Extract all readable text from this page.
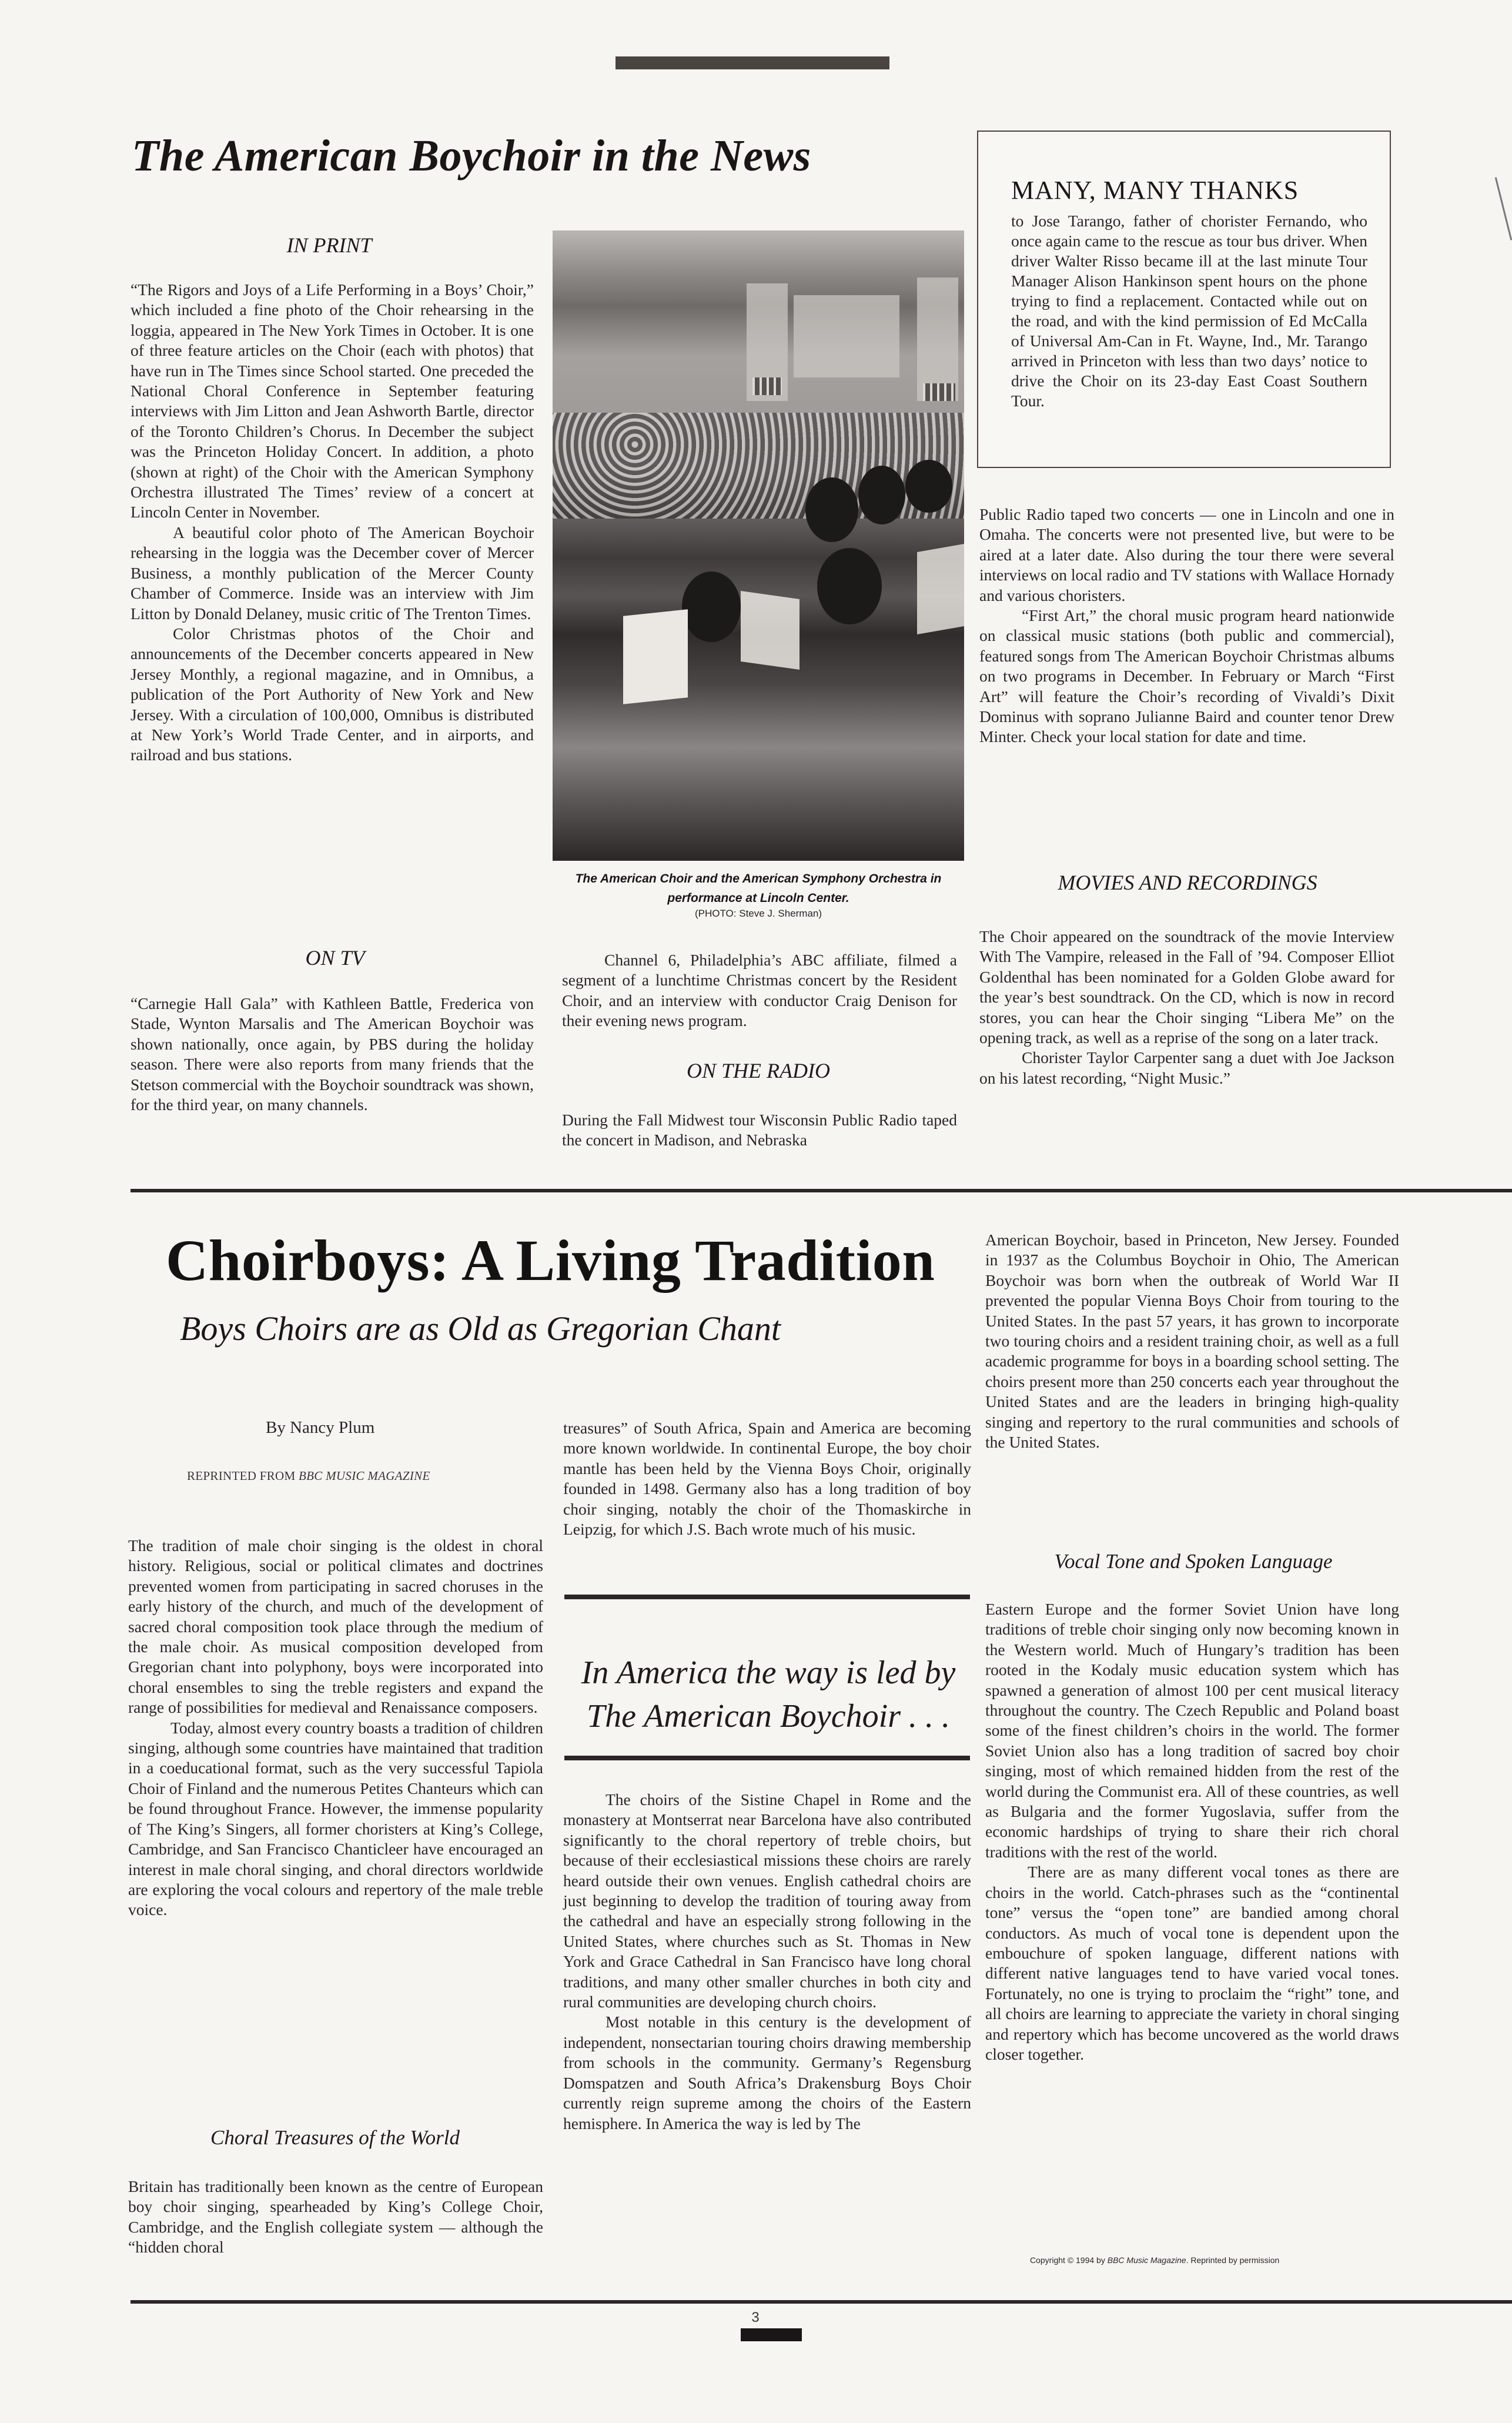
The American Boychoir in the News
IN PRINT

“The Rigors and Joys of a Life Performing in a Boys’ Choir,” which included a fine photo of the Choir rehearsing in the loggia, appeared in The New York Times in October. It is one of three feature articles on the Choir (each with photos) that have run in The Times since School started. One preceded the National Choral Conference in September featuring interviews with Jim Litton and Jean Ashworth Bartle, director of the Toronto Children’s Chorus. In December the subject was the Princeton Holiday Concert. In addition, a photo (shown at right) of the Choir with the American Symphony Orchestra illustrated The Times’ review of a concert at Lincoln Center in November.

A beautiful color photo of The American Boychoir rehearsing in the loggia was the December cover of Mercer Business, a monthly publication of the Mercer County Chamber of Commerce. Inside was an interview with Jim Litton by Donald Delaney, music critic of The Trenton Times.

Color Christmas photos of the Choir and announcements of the December concerts appeared in New Jersey Monthly, a regional magazine, and in Omnibus, a publication of the Port Authority of New York and New Jersey. With a circulation of 100,000, Omnibus is distributed at New York’s World Trade Center, and in airports, and railroad and bus stations.

ON TV

“Carnegie Hall Gala” with Kathleen Battle, Frederica von Stade, Wynton Marsalis and The American Boychoir was shown nationally, once again, by PBS during the holiday season. There were also reports from many friends that the Stetson commercial with the Boychoir soundtrack was shown, for the third year, on many channels.

The American Choir and the American Symphony Orchestra in performance at Lincoln Center.
(PHOTO: Steve J. Sherman)

Channel 6, Philadelphia’s ABC affiliate, filmed a segment of a lunchtime Christmas concert by the Resident Choir, and an interview with conductor Craig Denison for their evening news program.

ON THE RADIO

During the Fall Midwest tour Wisconsin Public Radio taped the concert in Madison, and Nebraska

MANY, MANY THANKS
to Jose Tarango, father of chorister Fernando, who once again came to the rescue as tour bus driver. When driver Walter Risso became ill at the last minute Tour Manager Alison Hankinson spent hours on the phone trying to find a replacement. Contacted while out on the road, and with the kind permission of Ed McCalla of Universal Am-Can in Ft. Wayne, Ind., Mr. Tarango arrived in Princeton with less than two days’ notice to drive the Choir on its 23-day East Coast Southern Tour.

Public Radio taped two concerts — one in Lincoln and one in Omaha. The concerts were not presented live, but were to be aired at a later date. Also during the tour there were several interviews on local radio and TV stations with Wallace Hornady and various choristers.

“First Art,” the choral music program heard nationwide on classical music stations (both public and commercial), featured songs from The American Boychoir Christmas albums on two programs in December. In February or March “First Art” will feature the Choir’s recording of Vivaldi’s Dixit Dominus with soprano Julianne Baird and counter tenor Drew Minter. Check your local station for date and time.

MOVIES AND RECORDINGS

The Choir appeared on the soundtrack of the movie Interview With The Vampire, released in the Fall of ’94. Composer Elliot Goldenthal has been nominated for a Golden Globe award for the year’s best soundtrack. On the CD, which is now in record stores, you can hear the Choir singing “Libera Me” on the opening track, as well as a reprise of the song on a later track.

Chorister Taylor Carpenter sang a duet with Joe Jackson on his latest recording, “Night Music.”

Choirboys: A Living Tradition
Boys Choirs are as Old as Gregorian Chant
By Nancy Plum
REPRINTED FROM BBC MUSIC MAGAZINE

The tradition of male choir singing is the oldest in choral history. Religious, social or political climates and doctrines prevented women from participating in sacred choruses in the early history of the church, and much of the development of sacred choral composition took place through the medium of the male choir. As musical composition developed from Gregorian chant into polyphony, boys were incorporated into choral ensembles to sing the treble registers and expand the range of possibilities for medieval and Renaissance composers.

Today, almost every country boasts a tradition of children singing, although some countries have maintained that tradition in a coeducational format, such as the very successful Tapiola Choir of Finland and the numerous Petites Chanteurs which can be found throughout France. However, the immense popularity of The King’s Singers, all former choristers at King’s College, Cambridge, and San Francisco Chanticleer have encouraged an interest in male choral singing, and choral directors worldwide are exploring the vocal colours and repertory of the male treble voice.

Choral Treasures of the World

Britain has traditionally been known as the centre of European boy choir singing, spearheaded by King’s College Choir, Cambridge, and the English collegiate system — although the “hidden choral

treasures” of South Africa, Spain and America are becoming more known worldwide. In continental Europe, the boy choir mantle has been held by the Vienna Boys Choir, originally founded in 1498. Germany also has a long tradition of boy choir singing, notably the choir of the Thomaskirche in Leipzig, for which J.S. Bach wrote much of his music.

In America the way is led by The American Boychoir . . .

The choirs of the Sistine Chapel in Rome and the monastery at Montserrat near Barcelona have also contributed significantly to the choral repertory of treble choirs, but because of their ecclesiastical missions these choirs are rarely heard outside their own venues. English cathedral choirs are just beginning to develop the tradition of touring away from the cathedral and have an especially strong following in the United States, where churches such as St. Thomas in New York and Grace Cathedral in San Francisco have long choral traditions, and many other smaller churches in both city and rural communities are developing church choirs.

Most notable in this century is the development of independent, nonsectarian touring choirs drawing membership from schools in the community. Germany’s Regensburg Domspatzen and South Africa’s Drakensburg Boys Choir currently reign supreme among the choirs of the Eastern hemisphere. In America the way is led by The

American Boychoir, based in Princeton, New Jersey. Founded in 1937 as the Columbus Boychoir in Ohio, The American Boychoir was born when the outbreak of World War II prevented the popular Vienna Boys Choir from touring to the United States. In the past 57 years, it has grown to incorporate two touring choirs and a resident training choir, as well as a full academic programme for boys in a boarding school setting. The choirs present more than 250 concerts each year throughout the United States and are the leaders in bringing high-quality singing and repertory to the rural communities and schools of the United States.

Vocal Tone and Spoken Language

Eastern Europe and the former Soviet Union have long traditions of treble choir singing only now becoming known in the Western world. Much of Hungary’s tradition has been rooted in the Kodaly music education system which has spawned a generation of almost 100 per cent musical literacy throughout the country. The Czech Republic and Poland boast some of the finest children’s choirs in the world. The former Soviet Union also has a long tradition of sacred boy choir singing, most of which remained hidden from the rest of the world during the Communist era. All of these countries, as well as Bulgaria and the former Yugoslavia, suffer from the economic hardships of trying to share their rich choral traditions with the rest of the world.

There are as many different vocal tones as there are choirs in the world. Catch-phrases such as the “continental tone” versus the “open tone” are bandied among choral conductors. As much of vocal tone is dependent upon the embouchure of spoken language, different nations with different native languages tend to have varied vocal tones. Fortunately, no one is trying to proclaim the “right” tone, and all choirs are learning to appreciate the variety in choral singing and repertory which has become uncovered as the world draws closer together.

Copyright © 1994 by BBC Music Magazine. Reprinted by permission
3
